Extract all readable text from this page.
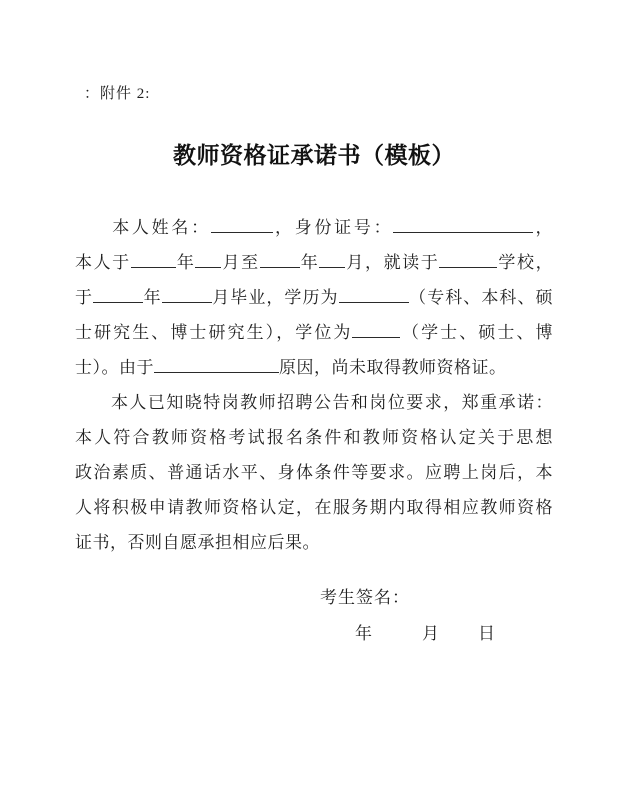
：附件 2:
教师资格证承诺书（模板）
本人姓名：	，身份证号：	，
本人于	年 月至 年 月，就读于	学校，
于	年	月毕业，学历为	（专科、本科、硕
士研究生、博士研究生），学位为	（学士、硕士、博
士）。由于	原因，尚未取得教师资格证。
本人已知晓特岗教师招聘公告和岗位要求，郑重承诺：
本人符合教师资格考试报名条件和教师资格认定关于思想
政治素质、普通话水平、身体条件等要求。应聘上岗后，本
人将积极申请教师资格认定，在服务期内取得相应教师资格
证书，否则自愿承担相应后果。
考生签名：
年	月 日
